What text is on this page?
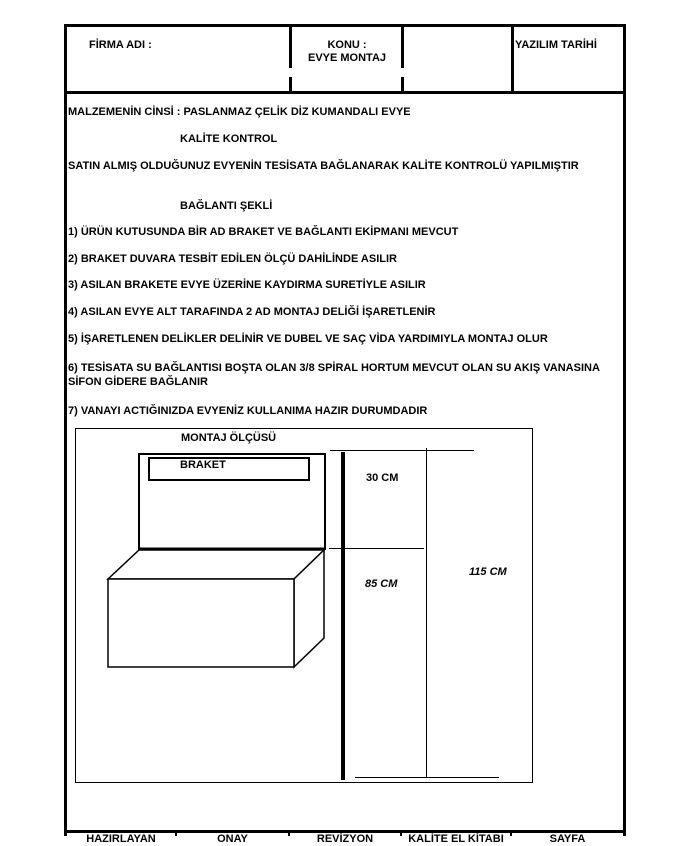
FİRMA ADI :	KONU :
EVYE MONTAJ
YAZILIM TARİHİ
MALZEMENİN CİNSİ : PASLANMAZ ÇELİK DİZ KUMANDALI EVYE
KALİTE KONTROL
SATIN ALMIŞ OLDUĞUNUZ EVYENİN TESİSATA BAĞLANARAK KALİTE KONTROLÜ YAPILMIŞTIR
BAĞLANTI ŞEKLİ
1) ÜRÜN KUTUSUNDA BİR AD BRAKET VE BAĞLANTI EKİPMANI MEVCUT
2) BRAKET DUVARA TESBİT EDİLEN ÖLÇÜ DAHİLİNDE ASILIR
3) ASILAN BRAKETE EVYE ÜZERİNE KAYDIRMA SURETİYLE ASILIR
4) ASILAN EVYE ALT TARAFINDA 2 AD MONTAJ DELİĞİ İŞARETLENİR
5) İŞARETLENEN DELİKLER DELİNİR VE DUBEL VE SAÇ VİDA YARDIMIYLA MONTAJ OLUR
6) TESİSATA SU BAĞLANTISI BOŞTA OLAN 3/8 SPİRAL HORTUM MEVCUT OLAN SU AKIŞ VANASINA
SİFON GİDERE BAĞLANIR
7) VANAYI ACTIĞINIZDA EVYENİZ KULLANIMA HAZIR DURUMDADIR
MONTAJ ÖLÇÜSÜ
BRAKET
30 CM
85 CM
115 CM
HAZIRLAYAN	ONAY	REVİZYON	KALİTE EL KİTABI	SAYFA
